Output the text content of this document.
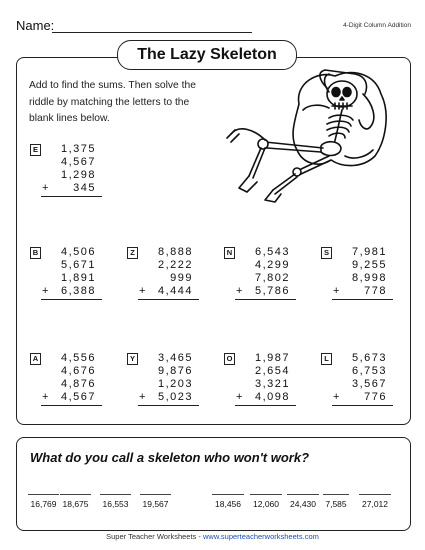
Name:	4-Digit Column Addition
The Lazy Skeleton
Add to find the sums. Then solve the riddle by matching the letters to the blank lines below.
E 1,375
4,567
1,298
345
+
B 4,506
5,671
1,891
6,388
+
Z 8,888
2,222
999
4,444
+
N 6,543
4,299
7,802
5,786
+
S 7,981
9,255
8,998
778
+
A 4,556
4,676
4,876
4,567
+
Y 3,465
9,876
1,203
5,023
+
O 1,987
2,654
3,321
4,098
+
L 5,673
6,753
3,567
776
+
What do you call a skeleton who won't work?
16,769 18,675 16,553 19,567	18,456	12,060	24,430	7,585	27,012
Super Teacher Worksheets - www.superteacherworksheets.com
